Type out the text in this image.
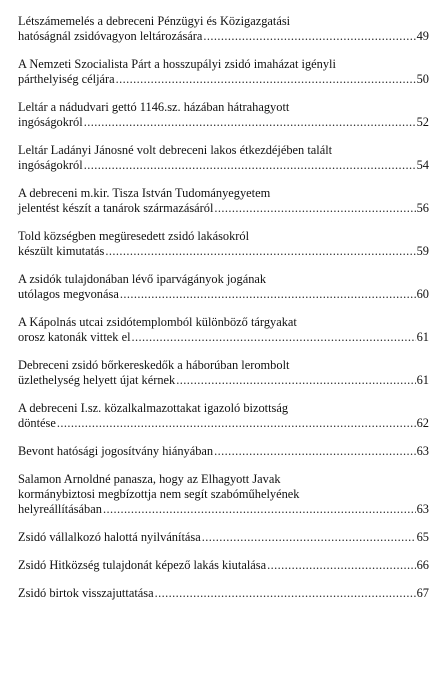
Létszámemelés a debreceni Pénzügyi és Közigazgatási
hatóságnál zsidóvagyon leltározására .....	49
A Nemzeti Szocialista Párt a hosszupályi zsidó imaházat igényli
párthelyiség céljára .....	50
Leltár a nádudvari gettó 1146.sz. házában hátrahagyott
ingóságokról .....	52
Leltár Ladányi Jánosné volt debreceni lakos étkezdéjében talált
ingóságokról .....	54
A debreceni m.kir. Tisza István Tudományegyetem
jelentést készít a tanárok származásáról .....	56
Told községben megüresedett zsidó lakásokról
készült kimutatás .....	59
A zsidók tulajdonában lévő iparvágányok jogának
utólagos megvonása .....	60
A Kápolnás utcai zsidótemplomból különböző tárgyakat
orosz katonák vittek el .....	61
Debreceni zsidó bőrkereskedők a háborúban lerombolt
üzlethelység helyett újat kérnek .....	61
A debreceni I.sz. közalkalmazottakat igazoló bizottság
döntése .....	62
Bevont hatósági jogosítvány hiányában .....	63
Salamon Arnoldné panasza, hogy az Elhagyott Javak
kormánybiztosi megbízottja nem segít szabóműhelyének
helyreállításában .....	63
Zsidó vállalkozó halottá nyilvánítása .....	65
Zsidó Hitközség tulajdonát képező lakás kiutalása .....	66
Zsidó birtok visszajuttatása .....	67
